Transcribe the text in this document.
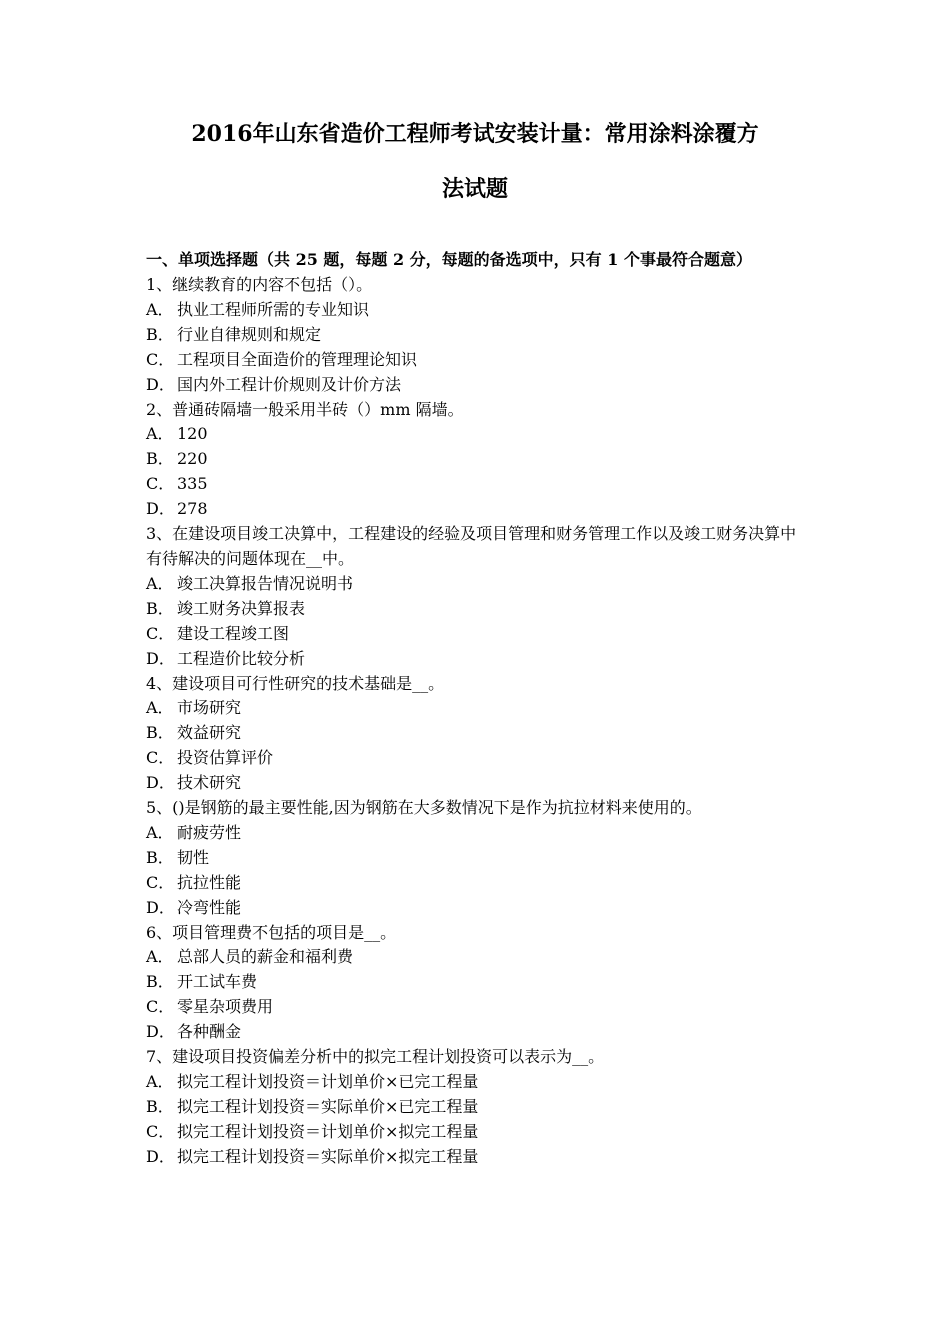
2016年山东省造价工程师考试安装计量：常用涂料涂覆方
法试题
一、单项选择题（共 25 题，每题 2 分，每题的备选项中，只有 1 个事最符合题意）
1、继续教育的内容不包括（）。
A． 执业工程师所需的专业知识
B． 行业自律规则和规定
C． 工程项目全面造价的管理理论知识
D． 国内外工程计价规则及计价方法
2、普通砖隔墙一般采用半砖（）mm 隔墙。
A． 120
B． 220
C． 335
D． 278
3、在建设项目竣工决算中，工程建设的经验及项目管理和财务管理工作以及竣工财务决算中有待解决的问题体现在__中。
A． 竣工决算报告情况说明书
B． 竣工财务决算报表
C． 建设工程竣工图
D． 工程造价比较分析
4、建设项目可行性研究的技术基础是__。
A． 市场研究
B． 效益研究
C． 投资估算评价
D． 技术研究
5、()是钢筋的最主要性能,因为钢筋在大多数情况下是作为抗拉材料来使用的。
A． 耐疲劳性
B． 韧性
C． 抗拉性能
D． 冷弯性能
6、项目管理费不包括的项目是__。
A． 总部人员的薪金和福利费
B． 开工试车费
C． 零星杂项费用
D． 各种酬金
7、建设项目投资偏差分析中的拟完工程计划投资可以表示为__。
A． 拟完工程计划投资＝计划单价×已完工程量
B． 拟完工程计划投资＝实际单价×已完工程量
C． 拟完工程计划投资＝计划单价×拟完工程量
D． 拟完工程计划投资＝实际单价×拟完工程量
